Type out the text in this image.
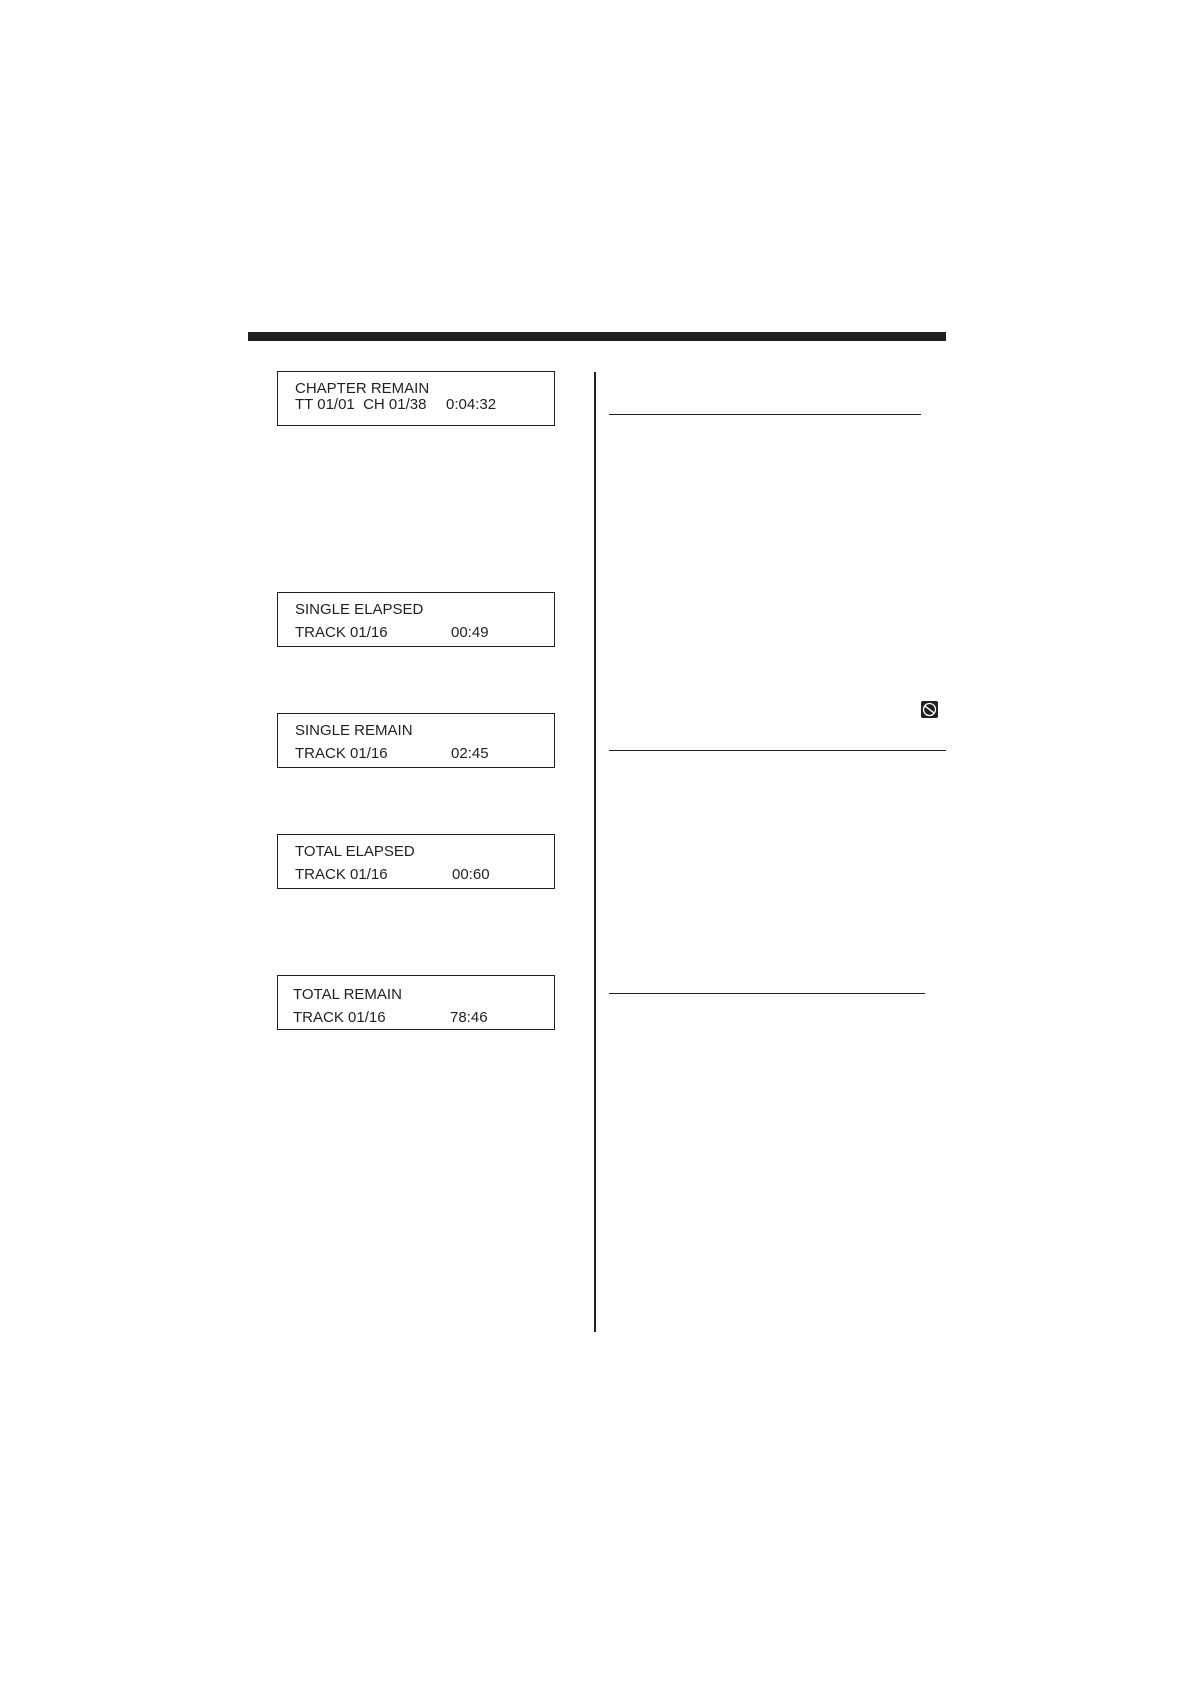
CHAPTER REMAIN
TT 01/01  CH 01/38 0:04:32
SINGLE ELAPSED
TRACK 01/16	00:49
SINGLE REMAIN
TRACK 01/16	02:45
TOTAL ELAPSED
TRACK 01/16	00:60
TOTAL REMAIN
TRACK 01/16	78:46
